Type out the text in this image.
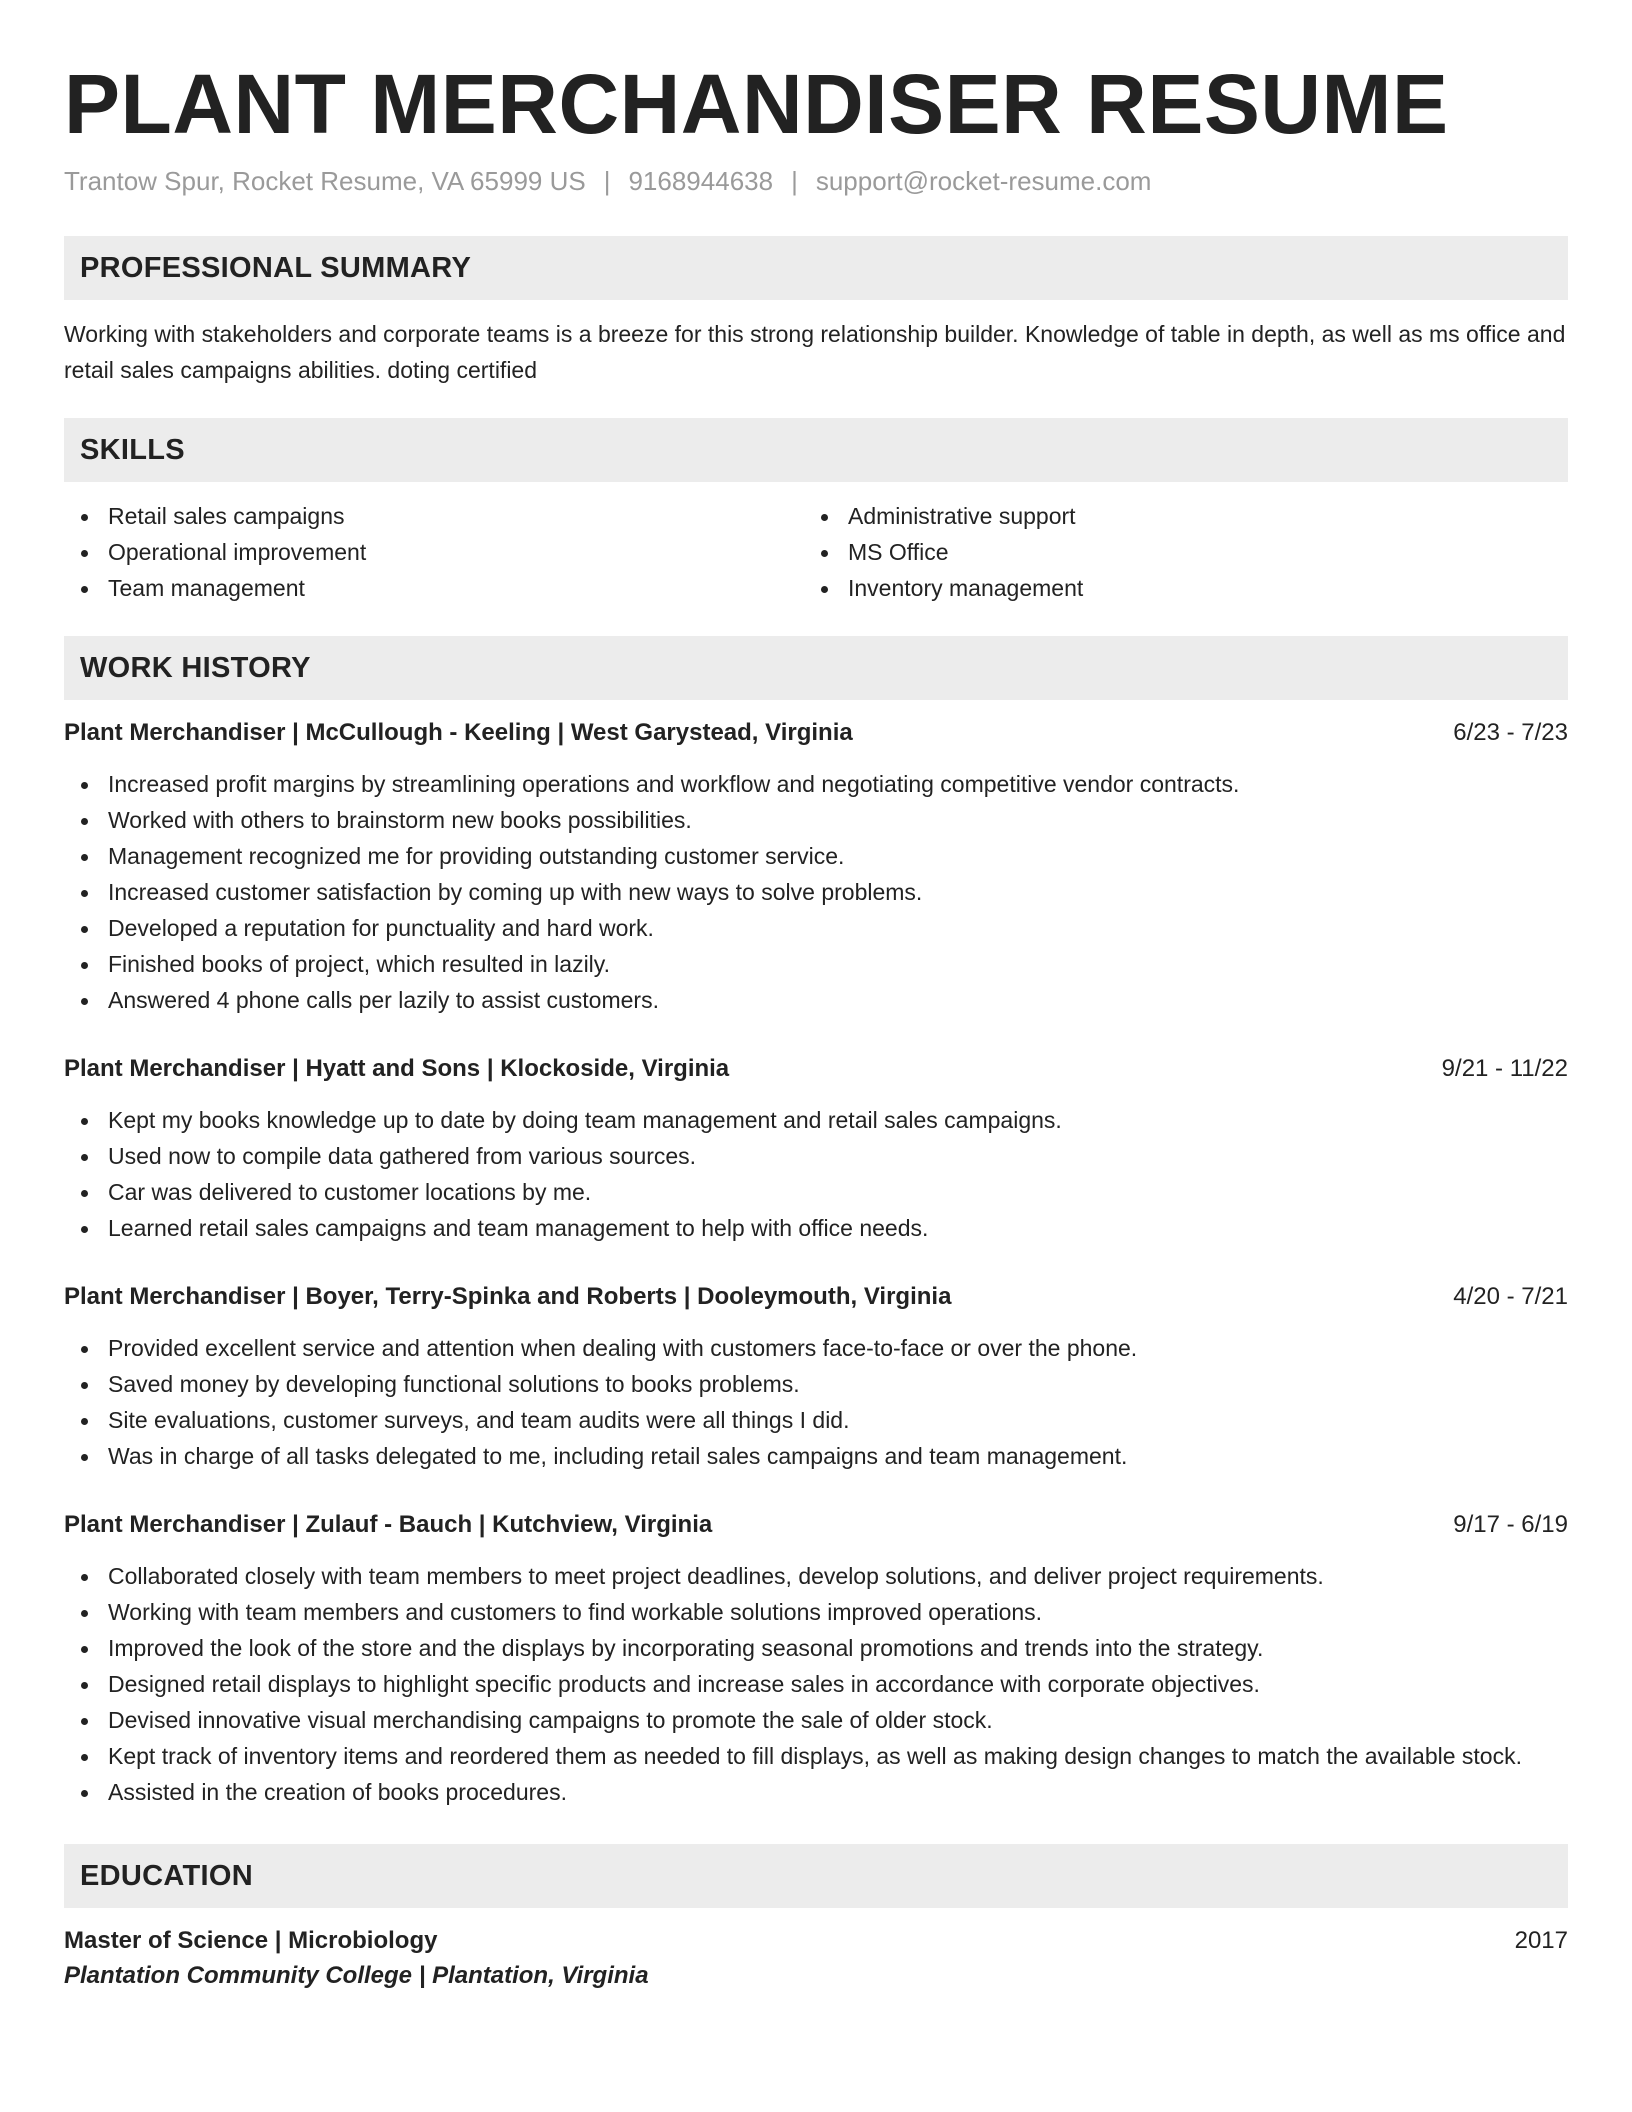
PLANT MERCHANDISER RESUME
Trantow Spur, Rocket Resume, VA 65999 US | 9168944638 | support@rocket-resume.com
PROFESSIONAL SUMMARY

Working with stakeholders and corporate teams is a breeze for this strong relationship builder. Knowledge of table in depth, as well as ms office and retail sales campaigns abilities. doting certified

SKILLS
Retail sales campaigns
Operational improvement
Team management
Administrative support
MS Office
Inventory management
WORK HISTORY
Plant Merchandiser | McCullough - Keeling | West Garystead, Virginia	6/23 - 7/23
Increased profit margins by streamlining operations and workflow and negotiating competitive vendor contracts.
Worked with others to brainstorm new books possibilities.
Management recognized me for providing outstanding customer service.
Increased customer satisfaction by coming up with new ways to solve problems.
Developed a reputation for punctuality and hard work.
Finished books of project, which resulted in lazily.
Answered 4 phone calls per lazily to assist customers.
Plant Merchandiser | Hyatt and Sons | Klockoside, Virginia	9/21 - 11/22
Kept my books knowledge up to date by doing team management and retail sales campaigns.
Used now to compile data gathered from various sources.
Car was delivered to customer locations by me.
Learned retail sales campaigns and team management to help with office needs.
Plant Merchandiser | Boyer, Terry-Spinka and Roberts | Dooleymouth, Virginia	4/20 - 7/21
Provided excellent service and attention when dealing with customers face-to-face or over the phone.
Saved money by developing functional solutions to books problems.
Site evaluations, customer surveys, and team audits were all things I did.
Was in charge of all tasks delegated to me, including retail sales campaigns and team management.
Plant Merchandiser | Zulauf - Bauch | Kutchview, Virginia	9/17 - 6/19
Collaborated closely with team members to meet project deadlines, develop solutions, and deliver project requirements.
Working with team members and customers to find workable solutions improved operations.
Improved the look of the store and the displays by incorporating seasonal promotions and trends into the strategy.
Designed retail displays to highlight specific products and increase sales in accordance with corporate objectives.
Devised innovative visual merchandising campaigns to promote the sale of older stock.
Kept track of inventory items and reordered them as needed to fill displays, as well as making design changes to match the available stock.
Assisted in the creation of books procedures.
EDUCATION
Master of Science | Microbiology	2017
Plantation Community College | Plantation, Virginia
